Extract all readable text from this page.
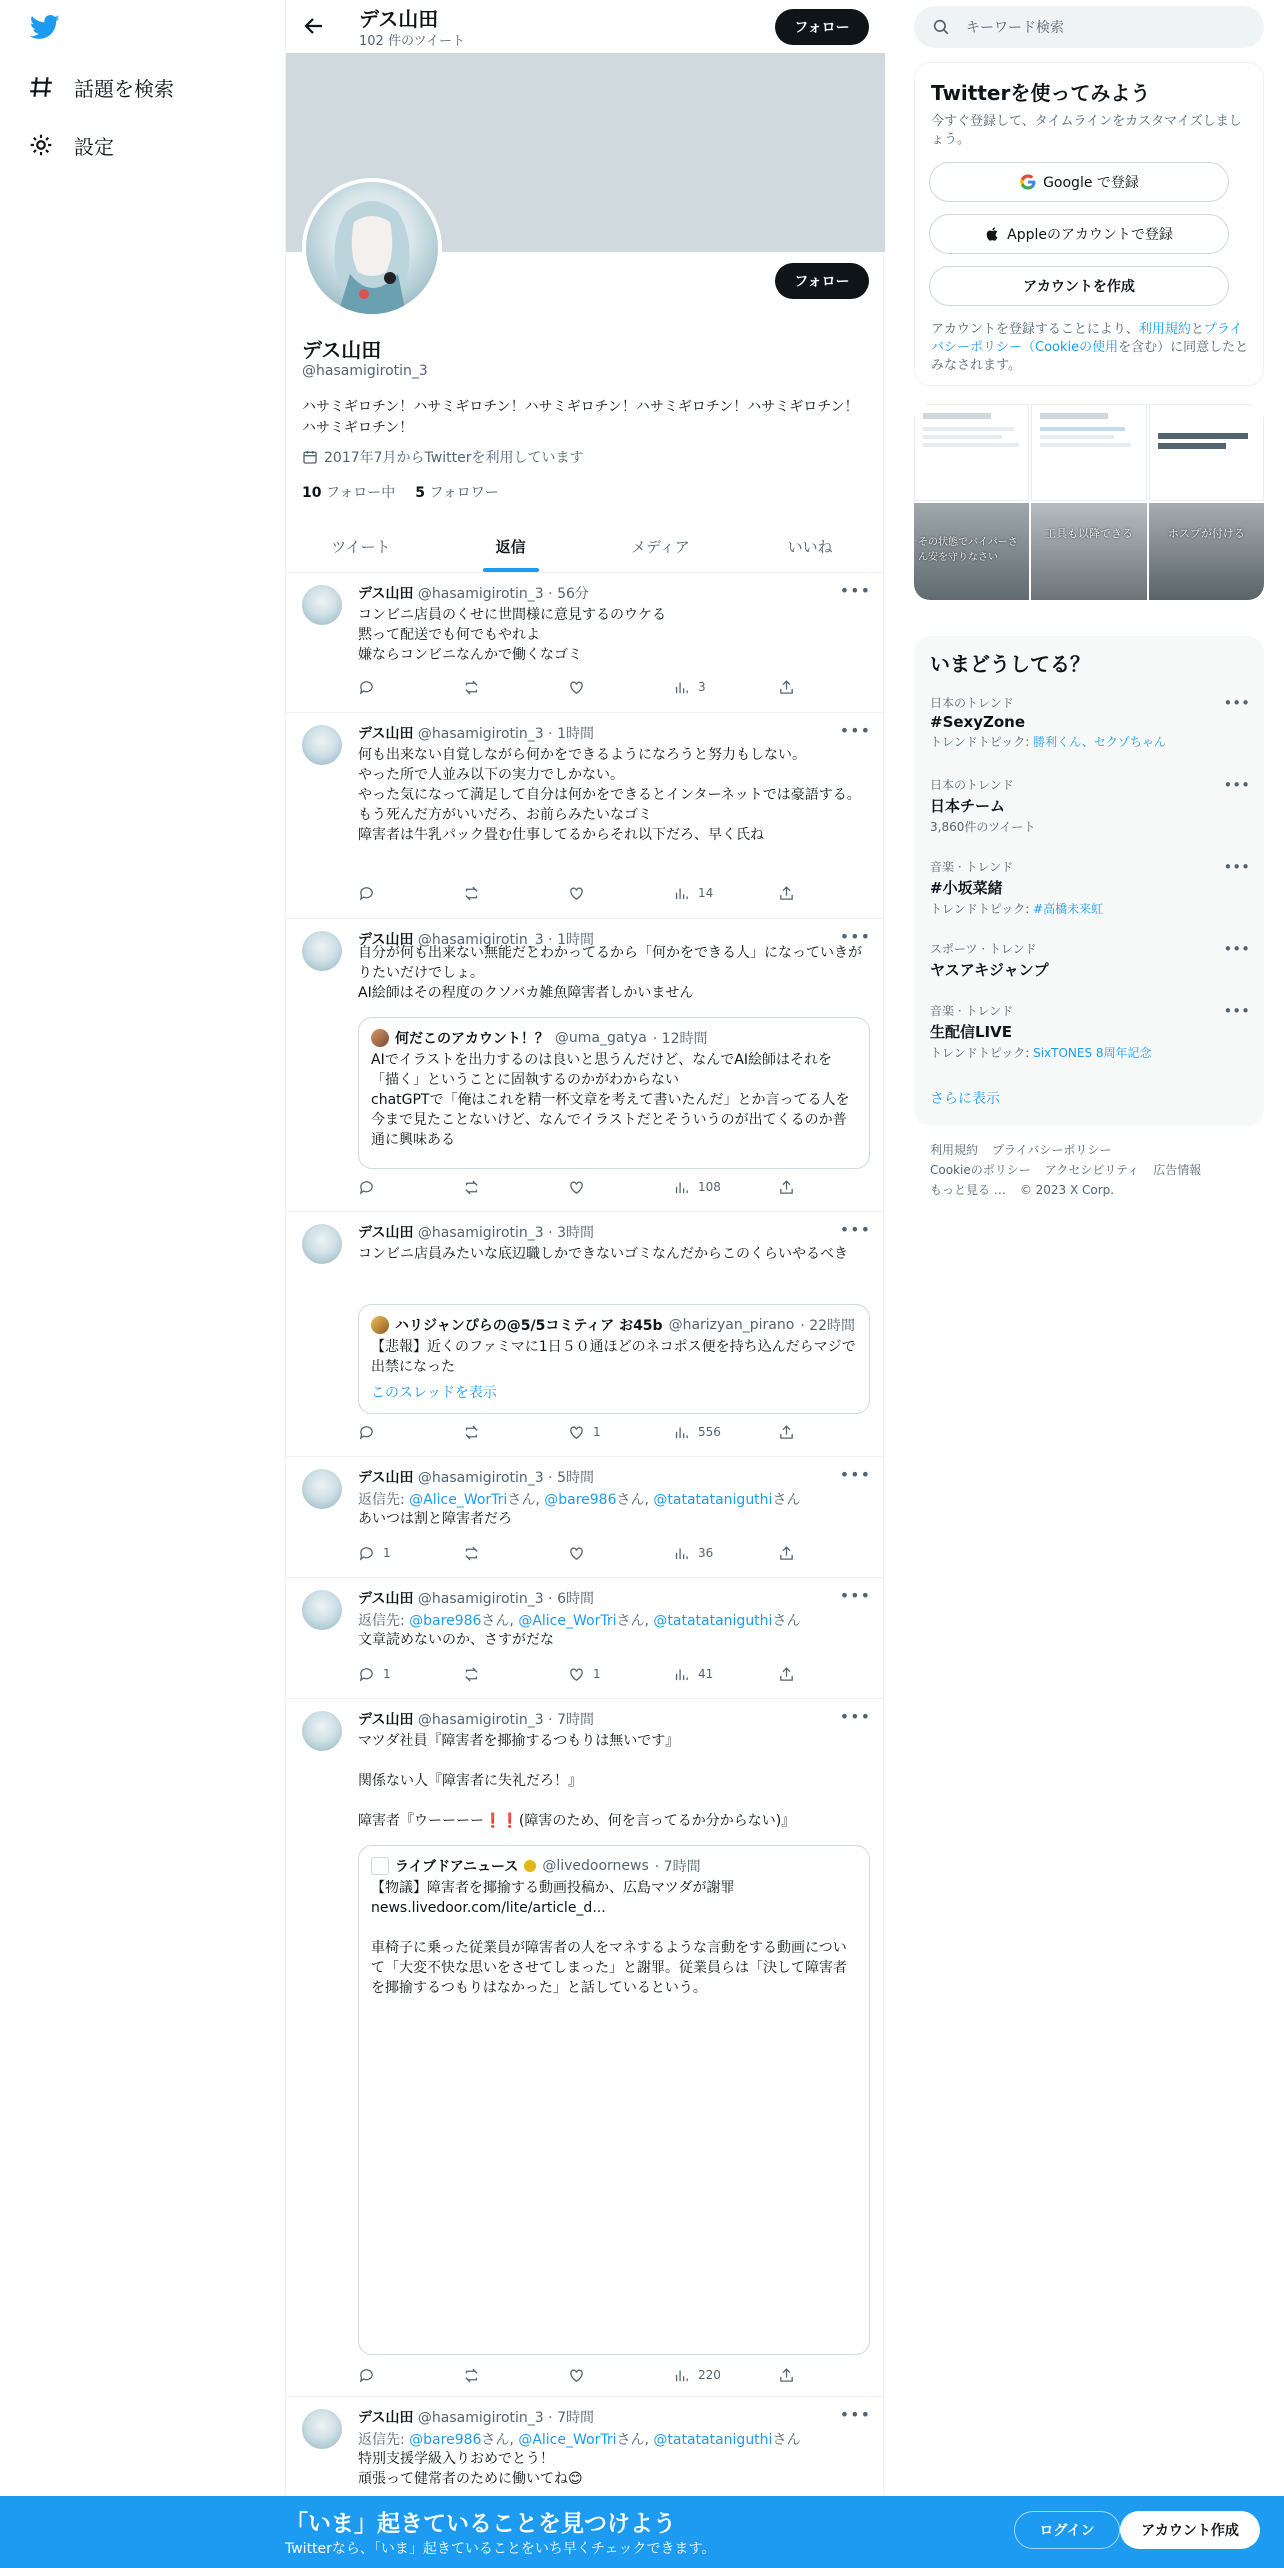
話題を検索
設定
デス山田
102 件のツイート
フォロー
フォロー
デス山田
@hasamigirotin_3
ハサミギロチン！ハサミギロチン！ハサミギロチン！ハサミギロチン！ハサミギロチン！ハサミギロチン！
2017年7月からTwitterを利用しています
10 フォロー中 5 フォロワー
ツイート	返信	メディア	いいね
デス山田 @hasamigirotin_3 · 56分	•••
コンビニ店員のくせに世間様に意見するのウケる
黙って配送でも何でもやれよ
嫌ならコンビニなんかで働くなゴミ
3
デス山田 @hasamigirotin_3 · 1時間	•••
何も出来ない自覚しながら何かをできるようになろうと努力もしない。
やった所で人並み以下の実力でしかない。
やった気になって満足して自分は何かをできるとインターネットでは豪語する。
もう死んだ方がいいだろ、お前らみたいなゴミ
障害者は牛乳パック畳む仕事してるからそれ以下だろ、早く氏ね
14
デス山田 @hasamigirotin_3 · 1時間	•••
自分が何も出来ない無能だとわかってるから「何かをできる人」になっていきがりたいだけでしょ。
AI絵師はその程度のクソバカ雑魚障害者しかいません
何だこのアカウント！？ @uma_gatya · 12時間
AIでイラストを出力するのは良いと思うんだけど、なんでAI絵師はそれを「描く」ということに固執するのかがわからない
chatGPTで「俺はこれを精一杯文章を考えて書いたんだ」とか言ってる人を今まで見たことないけど、なんでイラストだとそういうのが出てくるのか普通に興味ある
108
デス山田 @hasamigirotin_3 · 3時間	•••
コンビニ店員みたいな底辺職しかできないゴミなんだからこのくらいやるべき
ハリジャンぴらの@5/5コミティア お45b @harizyan_pirano · 22時間
【悲報】近くのファミマに1日５０通ほどのネコポス便を持ち込んだらマジで出禁になった
このスレッドを表示
1	556
デス山田 @hasamigirotin_3 · 5時間	•••
返信先: @Alice_WorTriさん, @bare986さん, @tatatataniguthiさん
あいつは割と障害者だろ
1	36
デス山田 @hasamigirotin_3 · 6時間	•••
返信先: @bare986さん, @Alice_WorTriさん, @tatatataniguthiさん
文章読めないのか、さすがだな
1	1	41
デス山田 @hasamigirotin_3 · 7時間	•••
マツダ社員『障害者を揶揄するつもりは無いです』

関係ない人『障害者に失礼だろ！』

障害者『ウーーーー❗️❗️(障害のため、何を言ってるか分からない)』
ライブドアニュース @livedoornews · 7時間
【物議】障害者を揶揄する動画投稿か、広島マツダが謝罪
news.livedoor.com/lite/article_d...

車椅子に乗った従業員が障害者の人をマネするような言動をする動画について「大変不快な思いをさせてしまった」と謝罪。従業員らは「決して障害者を揶揄するつもりはなかった」と話しているという。
220
デス山田 @hasamigirotin_3 · 7時間	•••
返信先: @bare986さん, @Alice_WorTriさん, @tatatataniguthiさん
特別支援学級入りおめでとう！
頑張って健常者のために働いてね😊
キーワード検索
Twitterを使ってみよう
今すぐ登録して、タイムラインをカスタマイズしましょう。
Google で登録
Appleのアカウントで登録
アカウントを作成
アカウントを登録することにより、利用規約とプライバシーポリシー（Cookieの使用を含む）に同意したとみなされます。
その状態でバイパーさん安を守りなさい
工具も以降できる	ホスプが付ける
いまどうしてる？
日本のトレンド
#SexyZone
トレンドトピック: 勝利くん、セクゾちゃん
•••
日本のトレンド
日本チーム
3,860件のツイート
•••
音楽 · トレンド
#小坂菜緒
トレンドトピック: #高橋未来虹
•••
スポーツ · トレンド
ヤスアキジャンプ
•••
音楽 · トレンド
生配信LIVE
トレンドトピック: SixTONES 8周年記念
•••
さらに表示
利用規約 プライバシーポリシー
Cookieのポリシー アクセシビリティ 広告情報
もっと見る … © 2023 X Corp.
「いま」起きていることを見つけよう
Twitterなら、「いま」起きていることをいち早くチェックできます。
ログイン	アカウント作成
